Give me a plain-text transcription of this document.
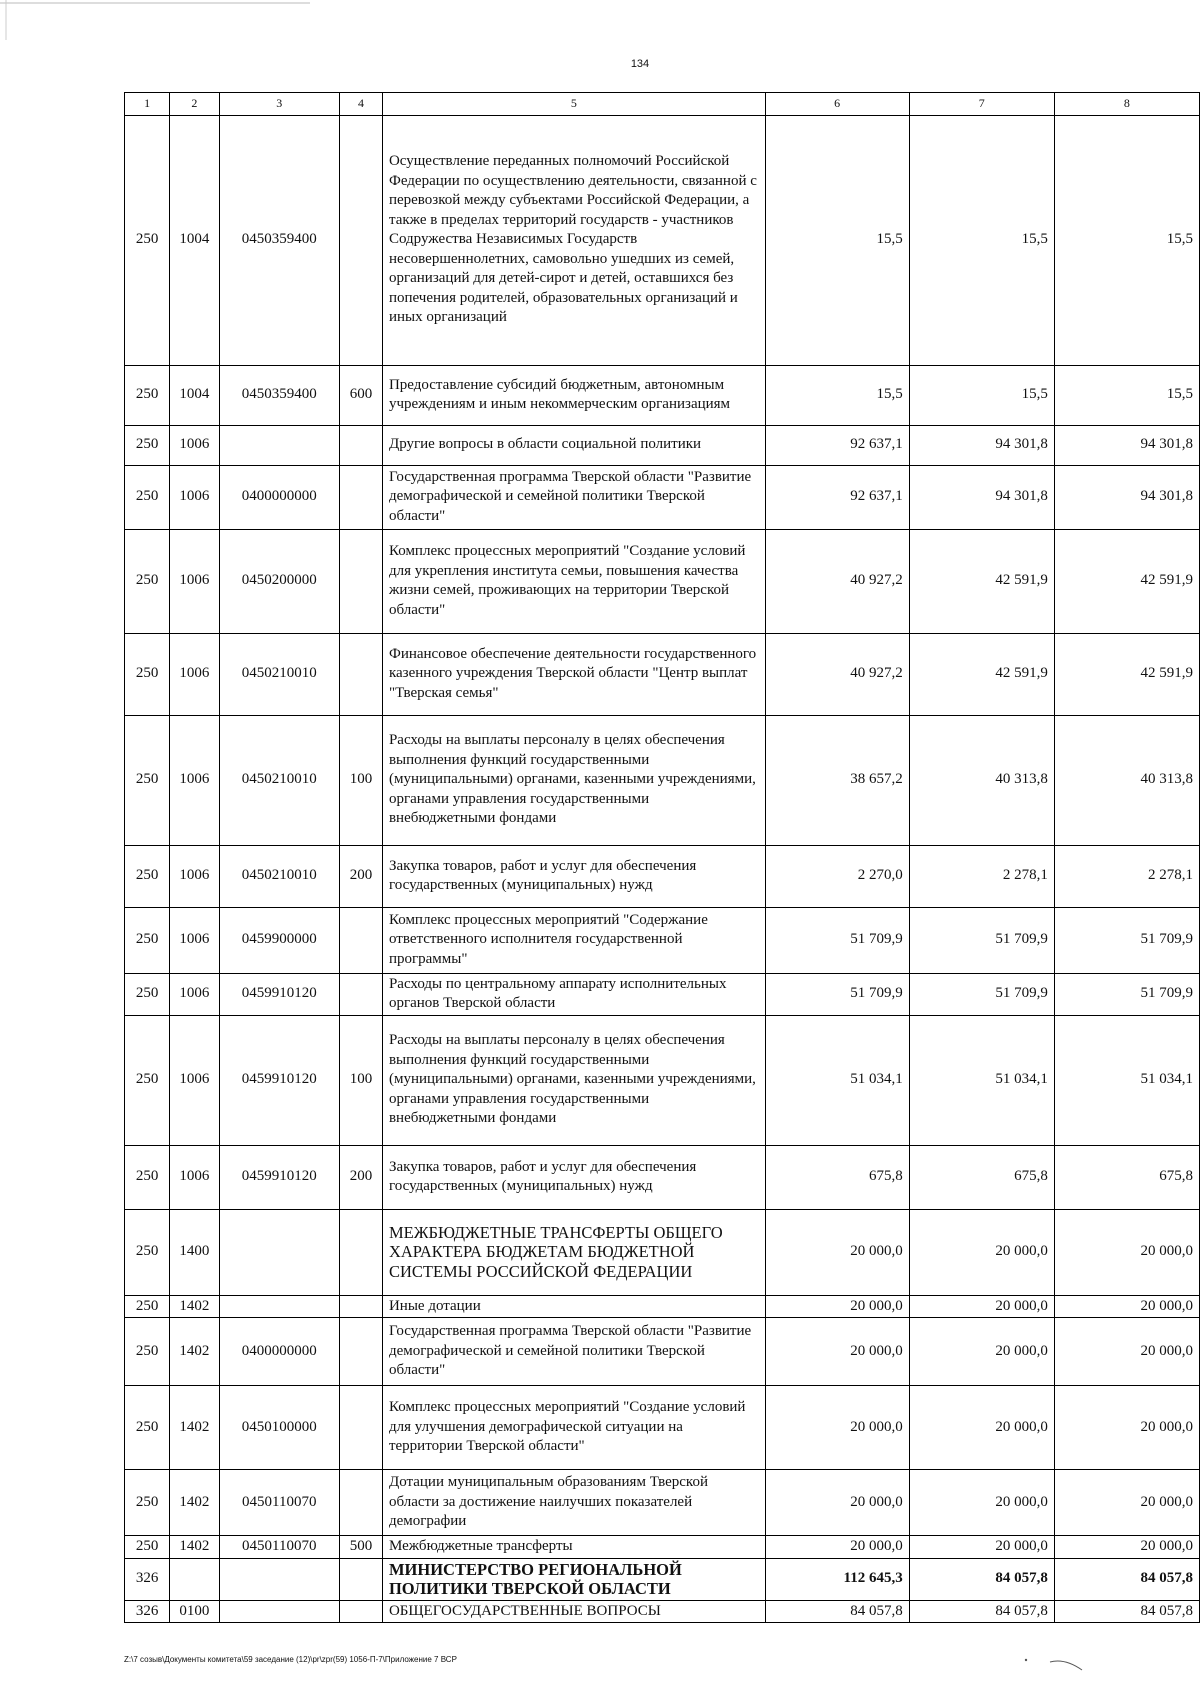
134
1	2	3	4	5	6	7	8
250	1004	0450359400		Осуществление переданных полномочий Российской Федерации по осуществлению деятельности, связанной с перевозкой между субъектами Российской Федерации, а также в пределах территорий государств - участников Содружества Независимых Государств несовершеннолетних, самовольно ушедших из семей, организаций для детей-сирот и детей, оставшихся без попечения родителей, образовательных организаций и иных организаций	15,5	15,5	15,5
250	1004	0450359400	600	Предоставление субсидий бюджетным, автономным учреждениям и иным некоммерческим организациям	15,5	15,5	15,5
250	1006			Другие вопросы в области социальной политики	92 637,1	94 301,8	94 301,8
250	1006	0400000000		Государственная программа Тверской области "Развитие демографической и семейной политики Тверской области"	92 637,1	94 301,8	94 301,8
250	1006	0450200000		Комплекс процессных мероприятий "Создание условий для укрепления института семьи, повышения качества жизни семей, проживающих на территории Тверской области"	40 927,2	42 591,9	42 591,9
250	1006	0450210010		Финансовое обеспечение деятельности государственного казенного учреждения Тверской области "Центр выплат "Тверская семья"	40 927,2	42 591,9	42 591,9
250	1006	0450210010	100	Расходы на выплаты персоналу в целях обеспечения выполнения функций государственными (муниципальными) органами, казенными учреждениями, органами управления государственными внебюджетными фондами	38 657,2	40 313,8	40 313,8
250	1006	0450210010	200	Закупка товаров, работ и услуг для обеспечения государственных (муниципальных) нужд	2 270,0	2 278,1	2 278,1
250	1006	0459900000		Комплекс процессных мероприятий "Содержание ответственного исполнителя государственной программы"	51 709,9	51 709,9	51 709,9
250	1006	0459910120		Расходы по центральному аппарату исполнительных органов Тверской области	51 709,9	51 709,9	51 709,9
250	1006	0459910120	100	Расходы на выплаты персоналу в целях обеспечения выполнения функций государственными (муниципальными) органами, казенными учреждениями, органами управления государственными внебюджетными фондами	51 034,1	51 034,1	51 034,1
250	1006	0459910120	200	Закупка товаров, работ и услуг для обеспечения государственных (муниципальных) нужд	675,8	675,8	675,8
250	1400			МЕЖБЮДЖЕТНЫЕ ТРАНСФЕРТЫ ОБЩЕГО ХАРАКТЕРА БЮДЖЕТАМ БЮДЖЕТНОЙ СИСТЕМЫ РОССИЙСКОЙ ФЕДЕРАЦИИ	20 000,0	20 000,0	20 000,0
250	1402			Иные дотации	20 000,0	20 000,0	20 000,0
250	1402	0400000000		Государственная программа Тверской области "Развитие демографической и семейной политики Тверской области"	20 000,0	20 000,0	20 000,0
250	1402	0450100000		Комплекс процессных мероприятий "Создание условий для улучшения демографической ситуации на территории Тверской области"	20 000,0	20 000,0	20 000,0
250	1402	0450110070		Дотации муниципальным образованиям Тверской области за достижение наилучших показателей демографии	20 000,0	20 000,0	20 000,0
250	1402	0450110070	500	Межбюджетные трансферты	20 000,0	20 000,0	20 000,0
326				МИНИСТЕРСТВО РЕГИОНАЛЬНОЙ ПОЛИТИКИ ТВЕРСКОЙ ОБЛАСТИ	112 645,3	84 057,8	84 057,8
326	0100			ОБЩЕГОСУДАРСТВЕННЫЕ ВОПРОСЫ	84 057,8	84 057,8	84 057,8
Z:\7 созыв\Документы комитета\59 заседание (12)\pr\zpr(59) 1056-П-7\Приложение 7 ВСР
